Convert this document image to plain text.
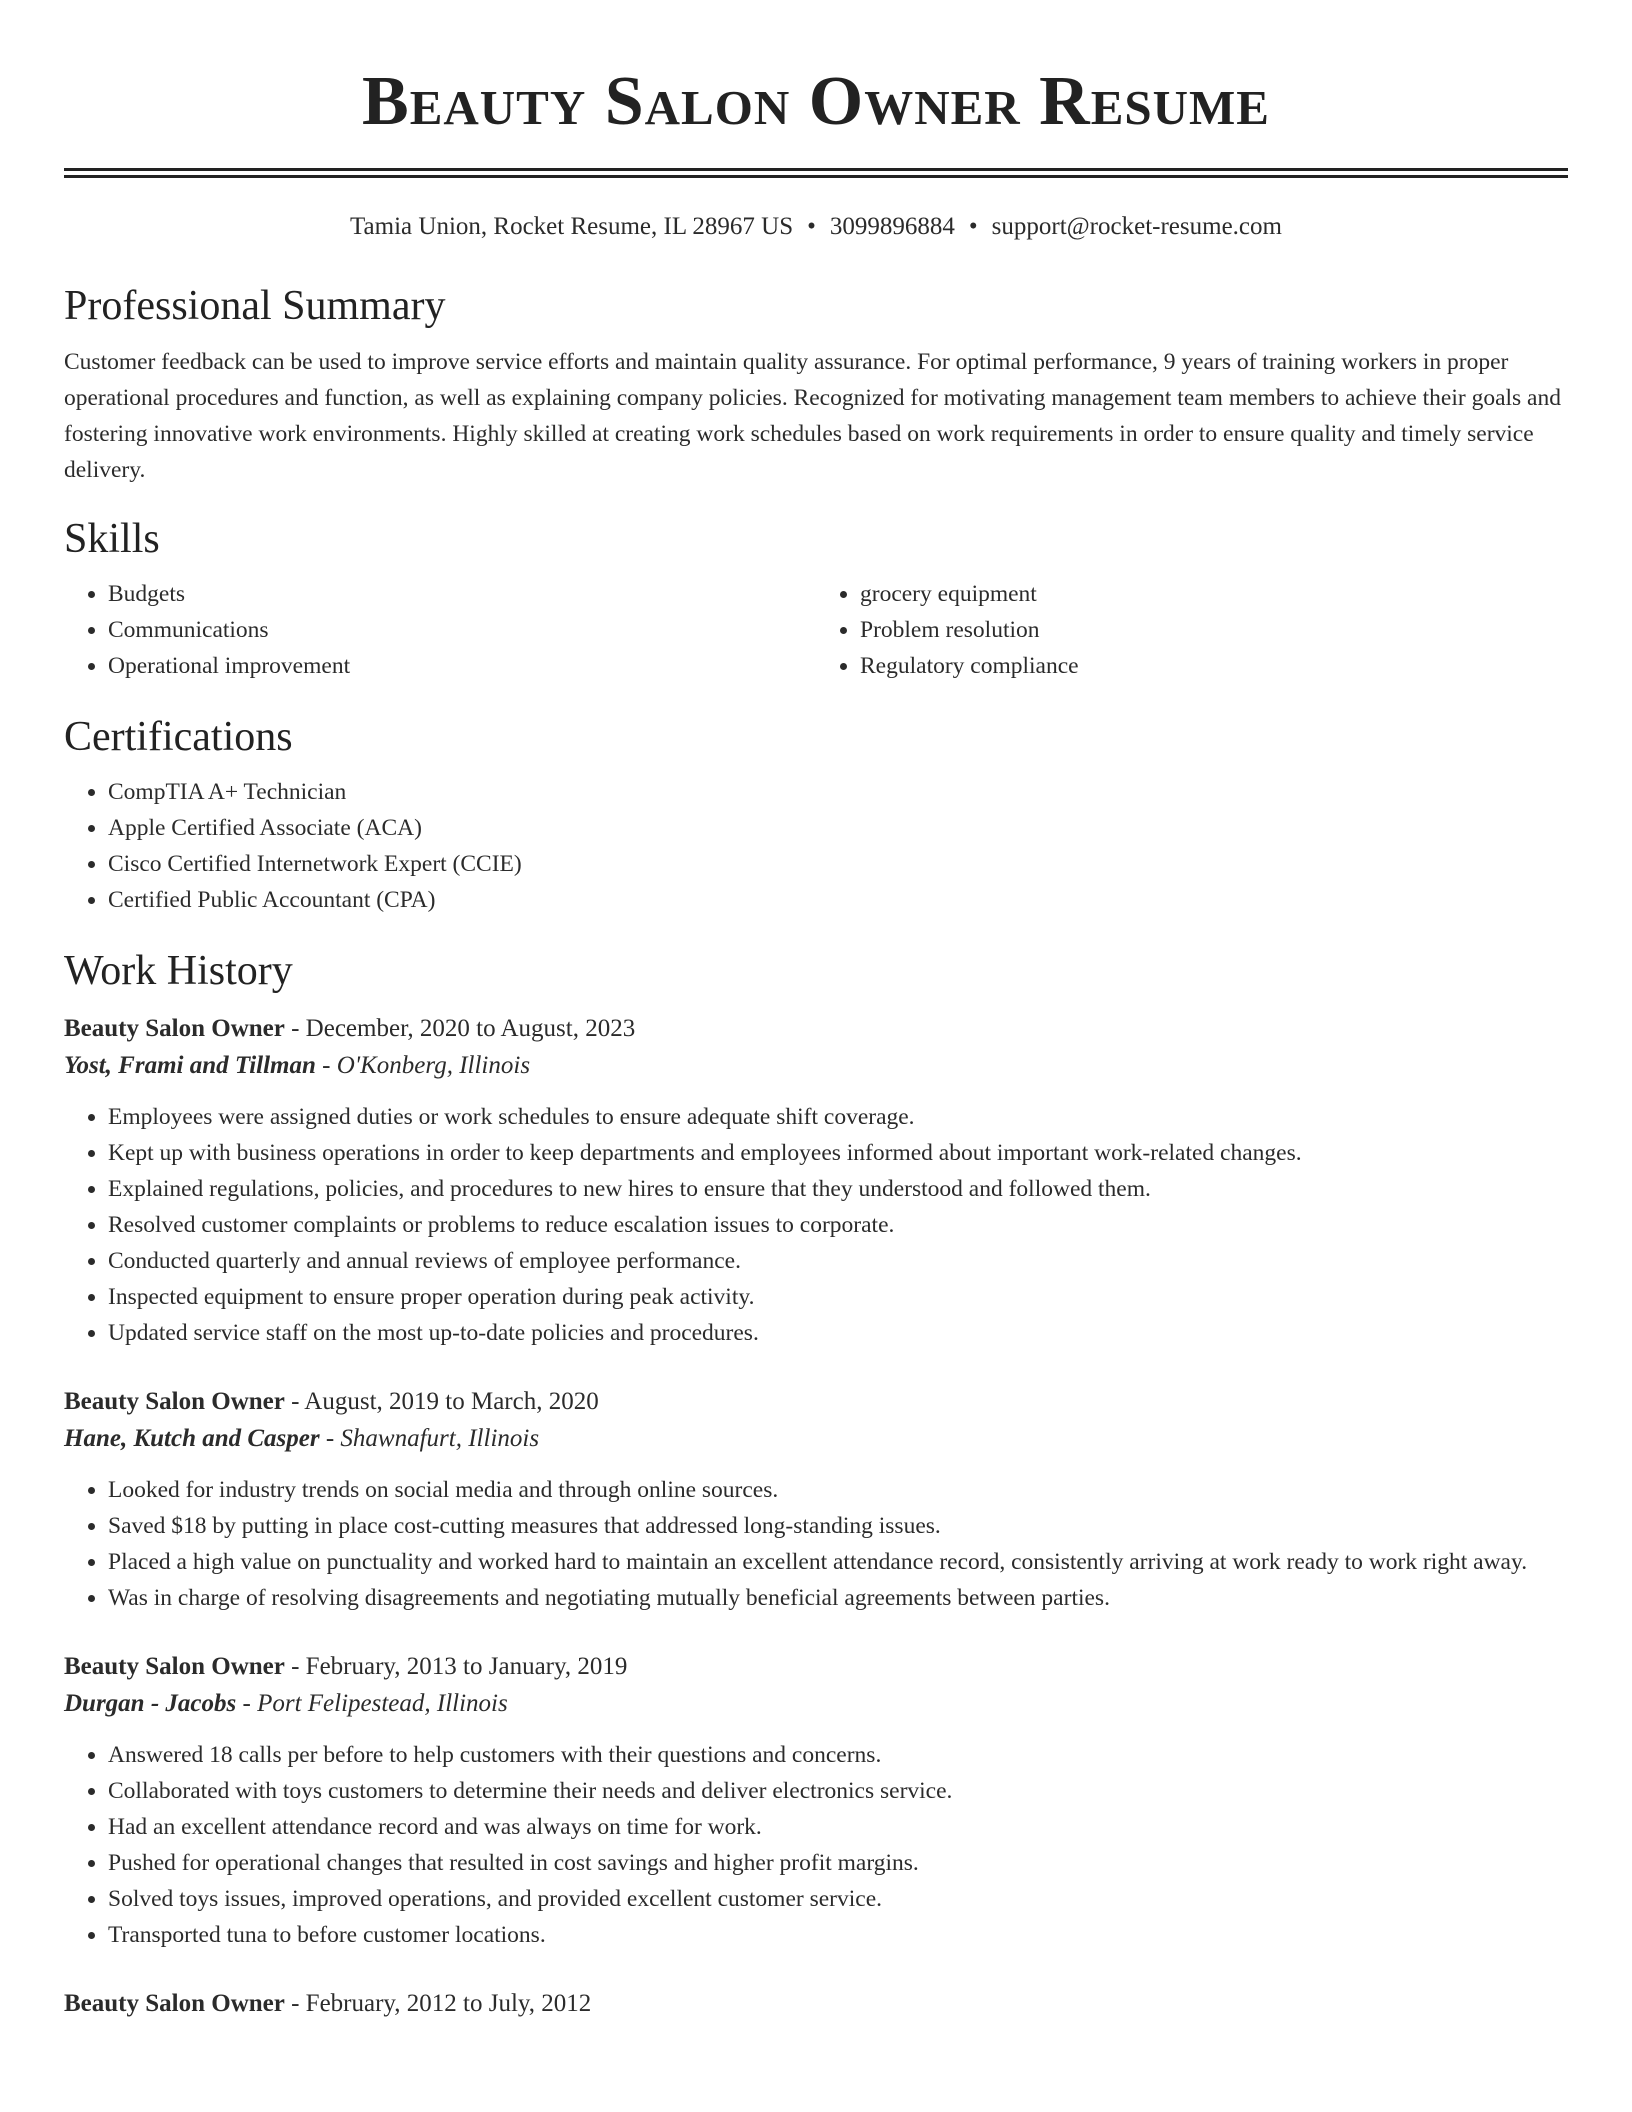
Beauty Salon Owner Resume
Tamia Union, Rocket Resume, IL 28967 US • 3099896884 • support@rocket-resume.com
Professional Summary

Customer feedback can be used to improve service efforts and maintain quality assurance. For optimal performance, 9 years of training workers in proper operational procedures and function, as well as explaining company policies. Recognized for motivating management team members to achieve their goals and fostering innovative work environments. Highly skilled at creating work schedules based on work requirements in order to ensure quality and timely service delivery.

Skills
• Budgets
• Communications
• Operational improvement
• grocery equipment
• Problem resolution
• Regulatory compliance
Certifications
• CompTIA A+ Technician
• Apple Certified Associate (ACA)
• Cisco Certified Internetwork Expert (CCIE)
• Certified Public Accountant (CPA)
Work History
Beauty Salon Owner - December, 2020 to August, 2023
Yost, Frami and Tillman - O'Konberg, Illinois
• Employees were assigned duties or work schedules to ensure adequate shift coverage.
• Kept up with business operations in order to keep departments and employees informed about important work-related changes.
• Explained regulations, policies, and procedures to new hires to ensure that they understood and followed them.
• Resolved customer complaints or problems to reduce escalation issues to corporate.
• Conducted quarterly and annual reviews of employee performance.
• Inspected equipment to ensure proper operation during peak activity.
• Updated service staff on the most up-to-date policies and procedures.
Beauty Salon Owner - August, 2019 to March, 2020
Hane, Kutch and Casper - Shawnafurt, Illinois
• Looked for industry trends on social media and through online sources.
• Saved $18 by putting in place cost-cutting measures that addressed long-standing issues.
• Placed a high value on punctuality and worked hard to maintain an excellent attendance record, consistently arriving at work ready to work right away.
• Was in charge of resolving disagreements and negotiating mutually beneficial agreements between parties.
Beauty Salon Owner - February, 2013 to January, 2019
Durgan - Jacobs - Port Felipestead, Illinois
• Answered 18 calls per before to help customers with their questions and concerns.
• Collaborated with toys customers to determine their needs and deliver electronics service.
• Had an excellent attendance record and was always on time for work.
• Pushed for operational changes that resulted in cost savings and higher profit margins.
• Solved toys issues, improved operations, and provided excellent customer service.
• Transported tuna to before customer locations.
Beauty Salon Owner - February, 2012 to July, 2012
